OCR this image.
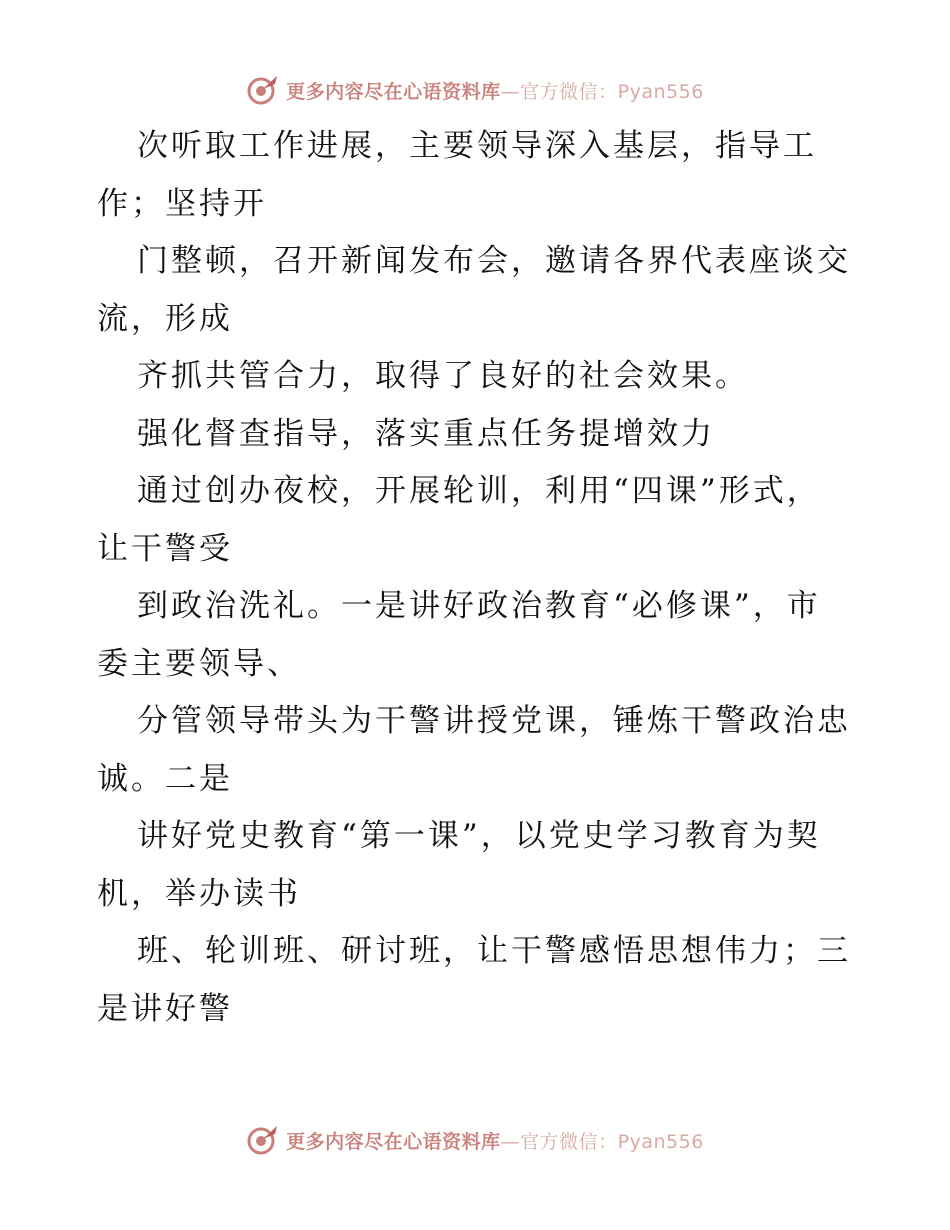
更多内容尽在心语资料库—官方微信：Pyan556
次听取工作进展，主要领导深入基层，指导工
作；坚持开
门整顿，召开新闻发布会，邀请各界代表座谈交
流，形成
齐抓共管合力，取得了良好的社会效果。
强化督查指导，落实重点任务提增效力
通过创办夜校，开展轮训，利用“四课”形式，
让干警受
到政治洗礼。一是讲好政治教育“必修课”，市
委主要领导、
分管领导带头为干警讲授党课，锤炼干警政治忠
诚。二是
讲好党史教育“第一课”，以党史学习教育为契
机，举办读书
班、轮训班、研讨班，让干警感悟思想伟力；三
是讲好警
更多内容尽在心语资料库—官方微信：Pyan556
